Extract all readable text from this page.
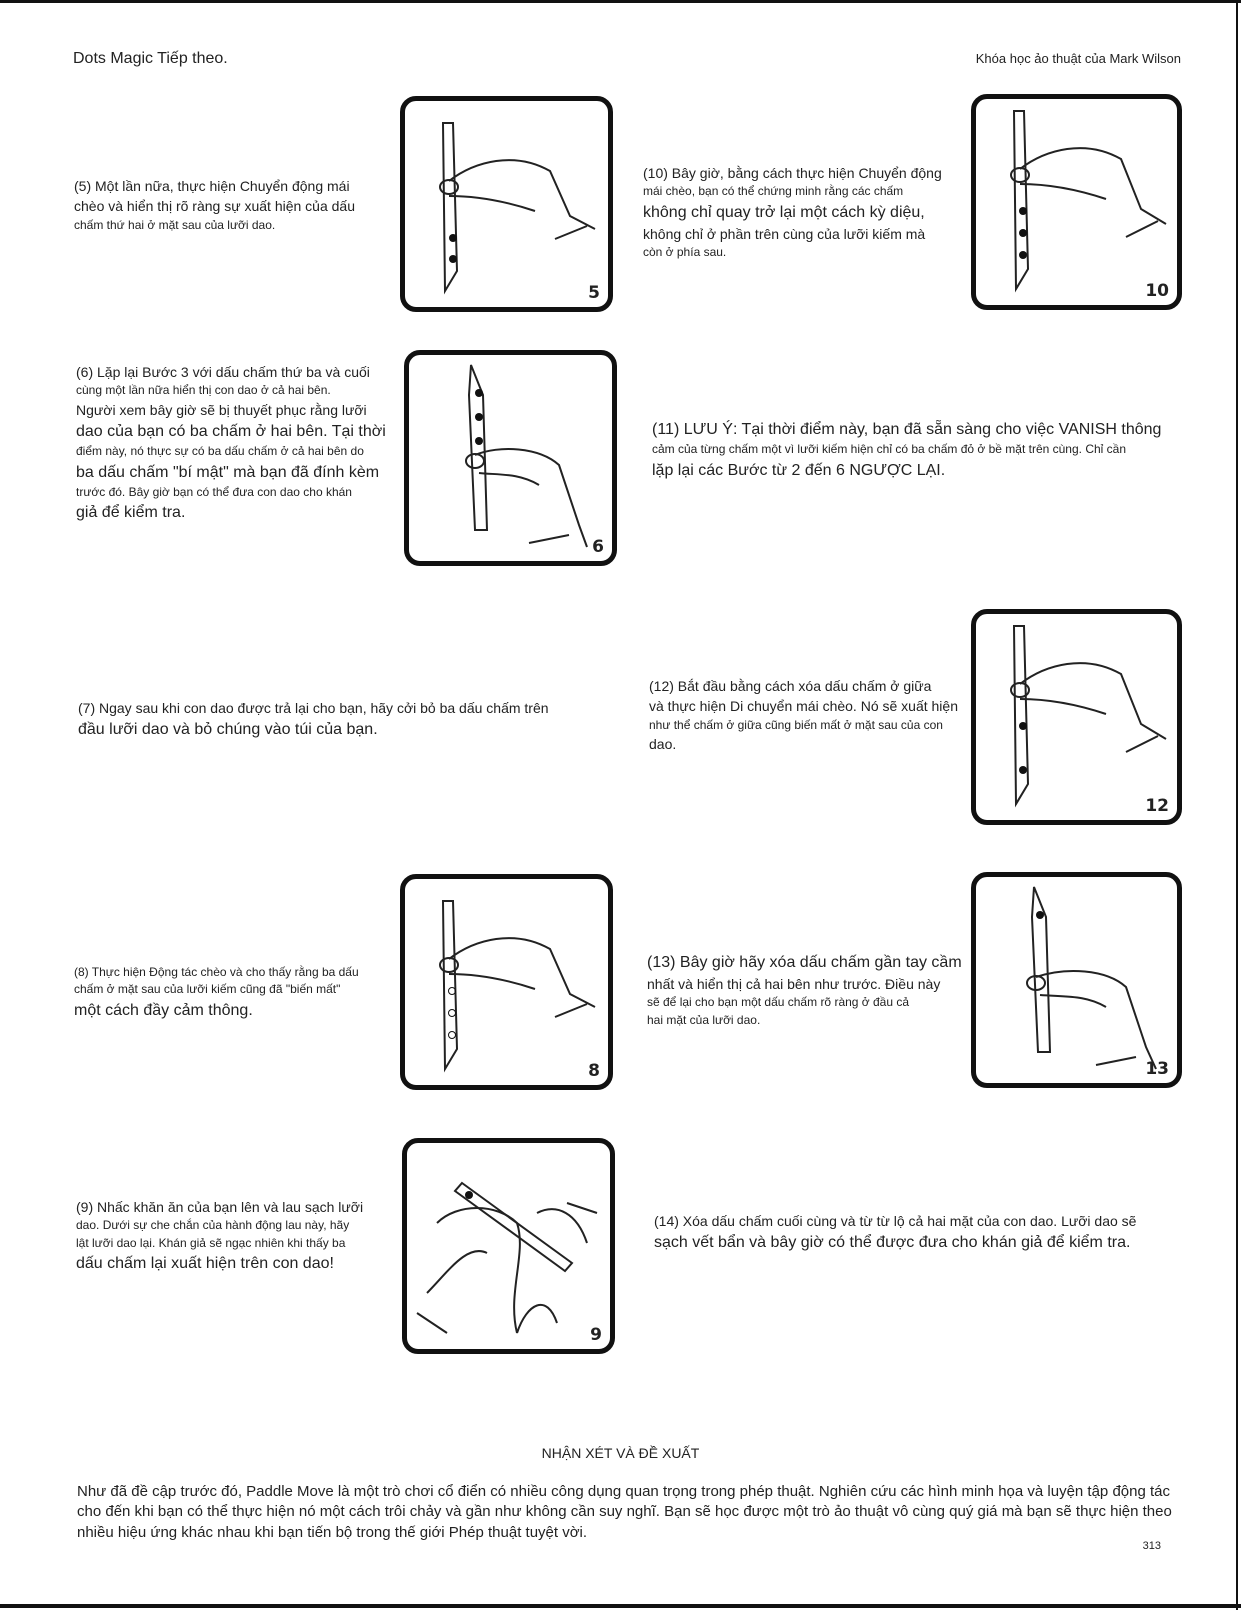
Dots Magic Tiếp theo.	Khóa học ảo thuật của Mark Wilson
(5) Một lần nữa, thực hiện Chuyển động mái
chèo và hiển thị rõ ràng sự xuất hiện của dấu
chấm thứ hai ở mặt sau của lưỡi dao.
(6) Lặp lại Bước 3 với dấu chấm thứ ba và cuối
cùng một lần nữa hiển thị con dao ở cả hai bên.
Người xem bây giờ sẽ bị thuyết phục rằng lưỡi
dao của bạn có ba chấm ở hai bên. Tại thời
điểm này, nó thực sự có ba dấu chấm ở cả hai bên do
ba dấu chấm "bí mật" mà bạn đã đính kèm
trước đó. Bây giờ bạn có thể đưa con dao cho khán
giả để kiểm tra.
(7) Ngay sau khi con dao được trả lại cho bạn, hãy cởi bỏ ba dấu chấm trên
đầu lưỡi dao và bỏ chúng vào túi của bạn.
(8) Thực hiện Động tác chèo và cho thấy rằng ba dấu
chấm ở mặt sau của lưỡi kiếm cũng đã "biến mất"
một cách đầy cảm thông.
(9) Nhấc khăn ăn của bạn lên và lau sạch lưỡi
dao. Dưới sự che chắn của hành động lau này, hãy
lật lưỡi dao lại. Khán giả sẽ ngạc nhiên khi thấy ba
dấu chấm lại xuất hiện trên con dao!
(10) Bây giờ, bằng cách thực hiện Chuyển động
mái chèo, bạn có thể chứng minh rằng các chấm
không chỉ quay trở lại một cách kỳ diệu,
không chỉ ở phần trên cùng của lưỡi kiếm mà
còn ở phía sau.
(11) LƯU Ý: Tại thời điểm này, bạn đã sẵn sàng cho việc VANISH thông
cảm của từng chấm một vì lưỡi kiếm hiện chỉ có ba chấm đỏ ở bề mặt trên cùng. Chỉ cần
lặp lại các Bước từ 2 đến 6 NGƯỢC LẠI.
(12) Bắt đầu bằng cách xóa dấu chấm ở giữa
và thực hiện Di chuyển mái chèo. Nó sẽ xuất hiện
như thể chấm ở giữa cũng biến mất ở mặt sau của con
dao.
(13) Bây giờ hãy xóa dấu chấm gần tay cầm
nhất và hiển thị cả hai bên như trước. Điều này
sẽ để lại cho bạn một dấu chấm rõ ràng ở đầu cả
hai mặt của lưỡi dao.
(14) Xóa dấu chấm cuối cùng và từ từ lộ cả hai mặt của con dao. Lưỡi dao sẽ
sạch vết bẩn và bây giờ có thể được đưa cho khán giả để kiểm tra.
5
6
8
9
10
12
13
NHẬN XÉT VÀ ĐỀ XUẤT
Như đã đề cập trước đó, Paddle Move là một trò chơi cổ điển có nhiều công dụng quan trọng trong phép thuật. Nghiên cứu các hình minh họa và luyện tập động tác cho đến khi bạn có thể thực hiện nó một cách trôi chảy và gần như không cần suy nghĩ. Bạn sẽ học được một trò ảo thuật vô cùng quý giá mà bạn sẽ thực hiện theo nhiều hiệu ứng khác nhau khi bạn tiến bộ trong thế giới Phép thuật tuyệt vời.
313
